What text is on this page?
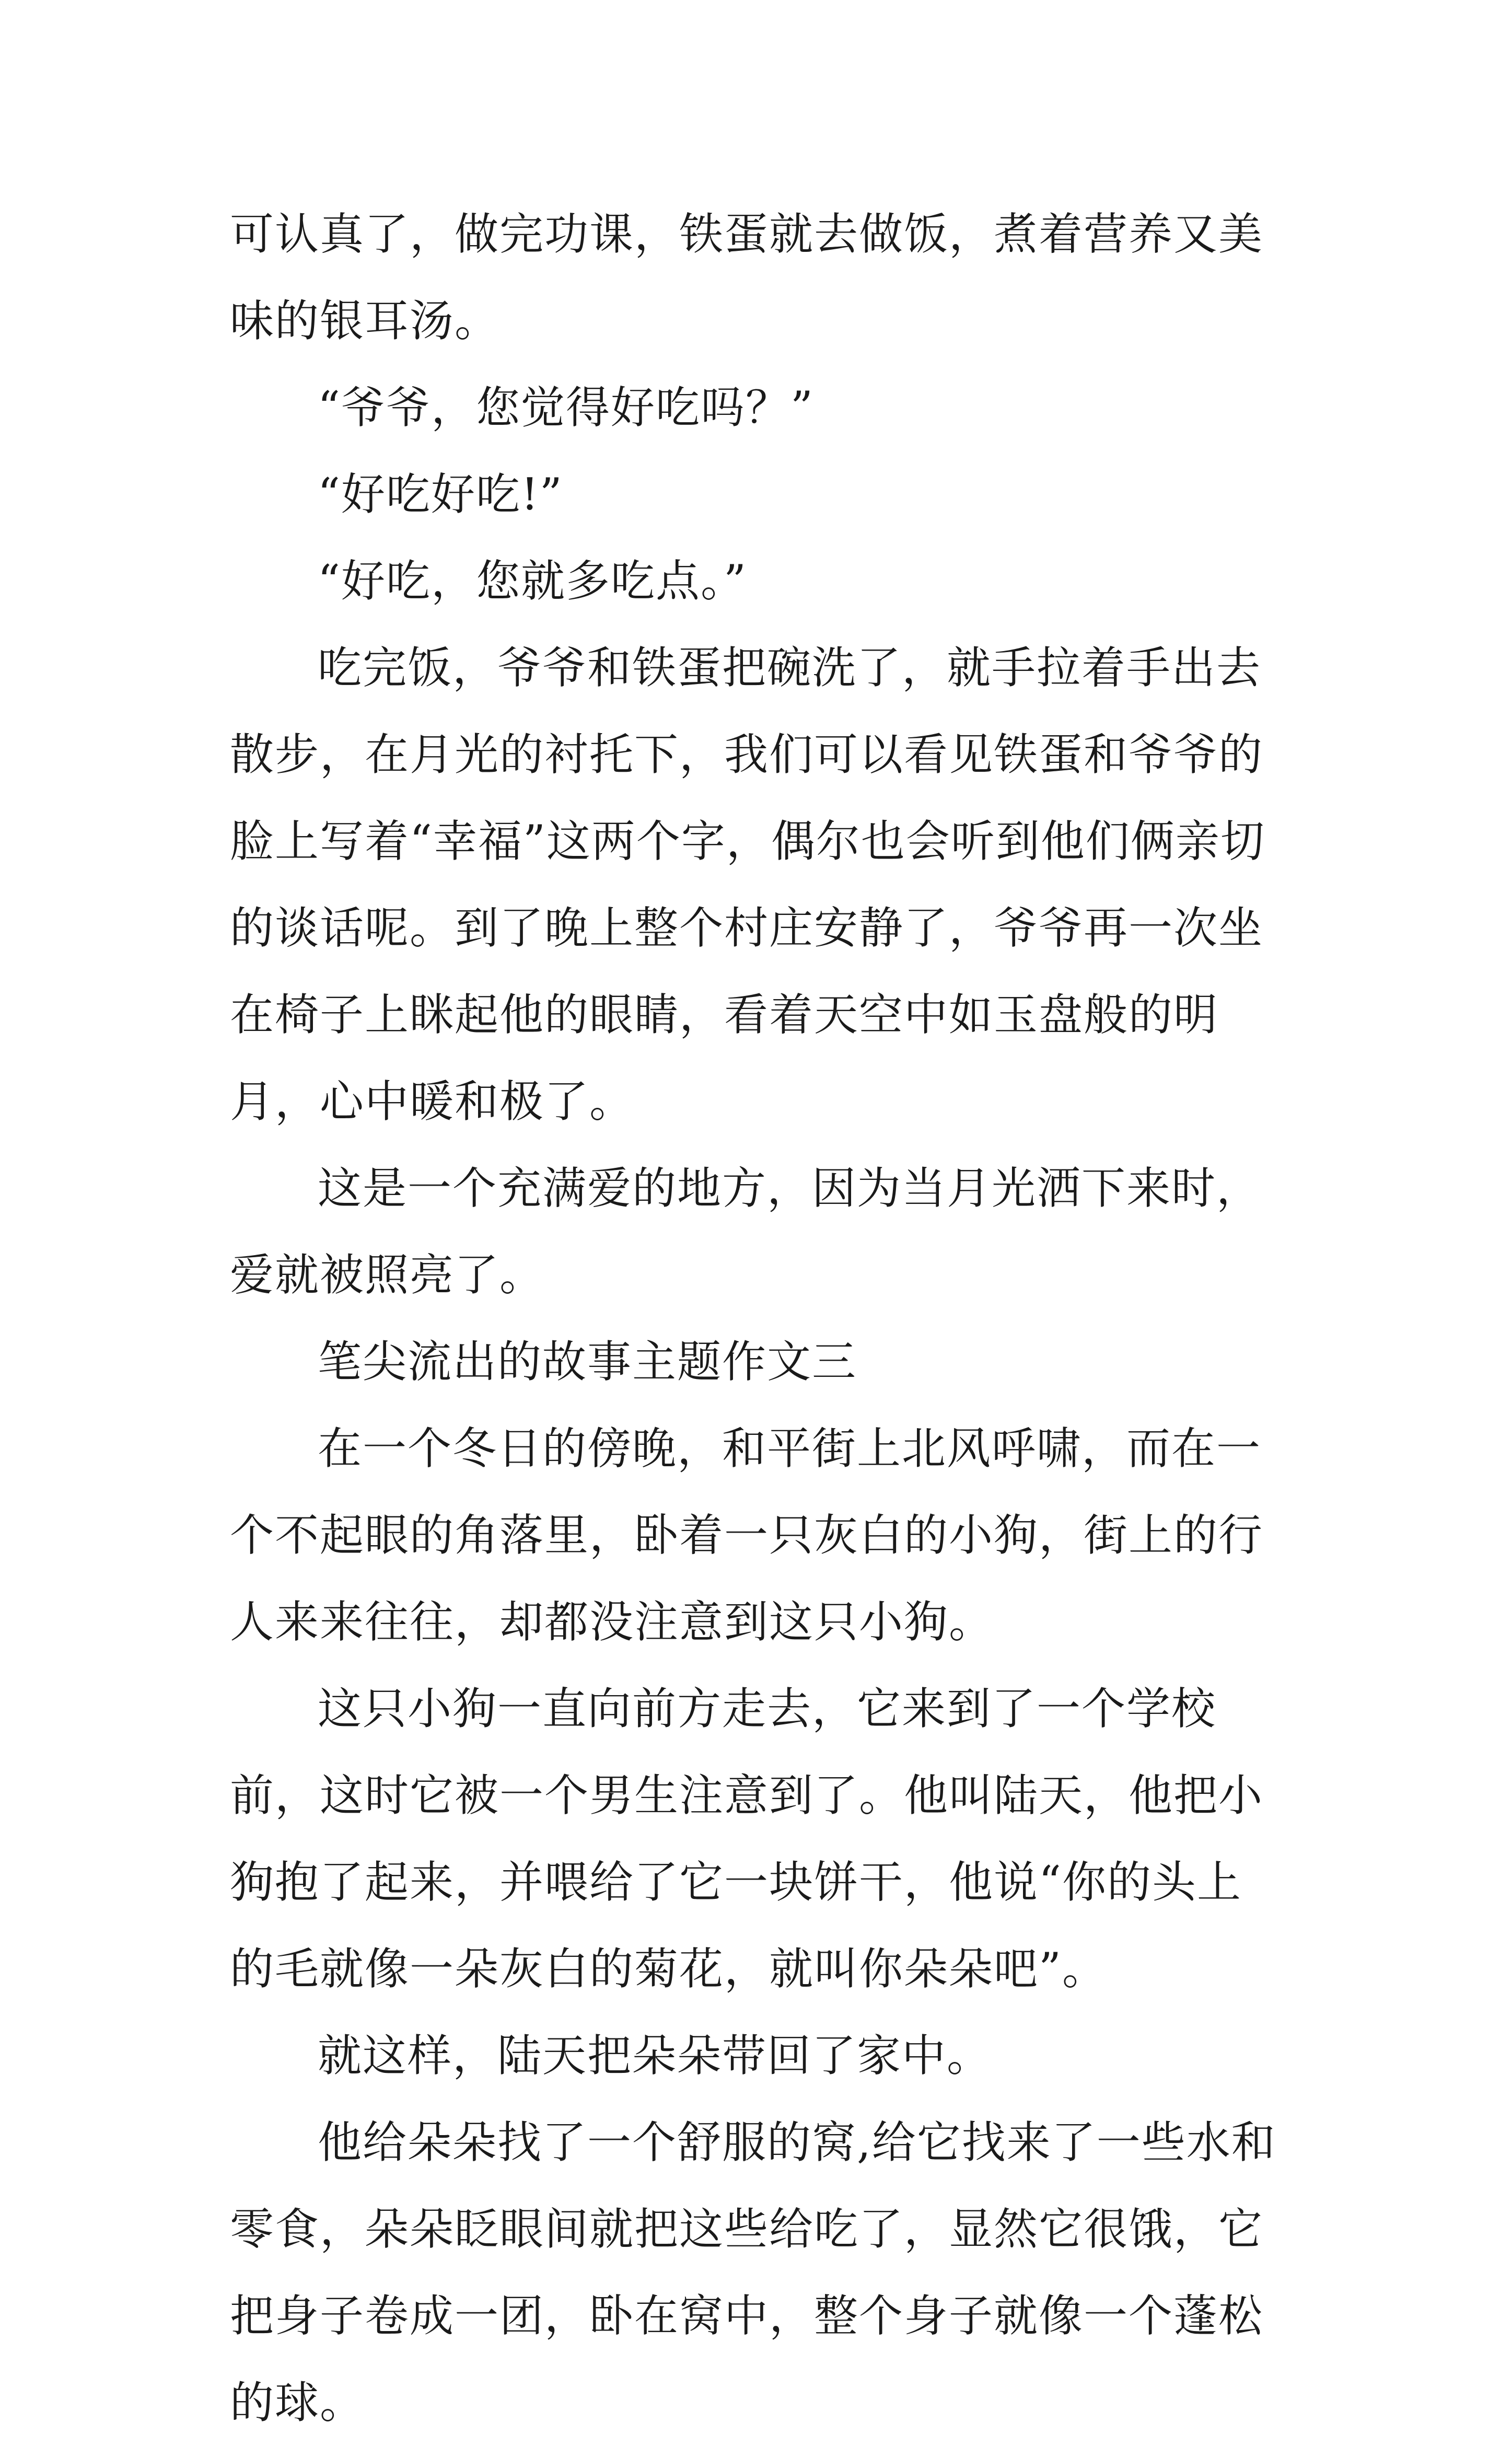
可认真了，做完功课，铁蛋就去做饭，煮着营养又美味的银耳汤。

“爷爷，您觉得好吃吗？”

“好吃好吃!”

“好吃，您就多吃点。”

吃完饭，爷爷和铁蛋把碗洗了，就手拉着手出去散步，在月光的衬托下，我们可以看见铁蛋和爷爷的脸上写着“幸福”这两个字，偶尔也会听到他们俩亲切的谈话呢。到了晚上整个村庄安静了，爷爷再一次坐在椅子上眯起他的眼睛，看着天空中如玉盘般的明月，心中暖和极了。

这是一个充满爱的地方，因为当月光洒下来时，爱就被照亮了。

笔尖流出的故事主题作文三

在一个冬日的傍晚，和平街上北风呼啸，而在一个不起眼的角落里，卧着一只灰白的小狗，街上的行人来来往往，却都没注意到这只小狗。

这只小狗一直向前方走去，它来到了一个学校前，这时它被一个男生注意到了。他叫陆天，他把小狗抱了起来，并喂给了它一块饼干，他说“你的头上的毛就像一朵灰白的菊花，就叫你朵朵吧”。

就这样，陆天把朵朵带回了家中。

他给朵朵找了一个舒服的窝,给它找来了一些水和零食，朵朵眨眼间就把这些给吃了，显然它很饿，它把身子卷成一团，卧在窝中，整个身子就像一个蓬松的球。
